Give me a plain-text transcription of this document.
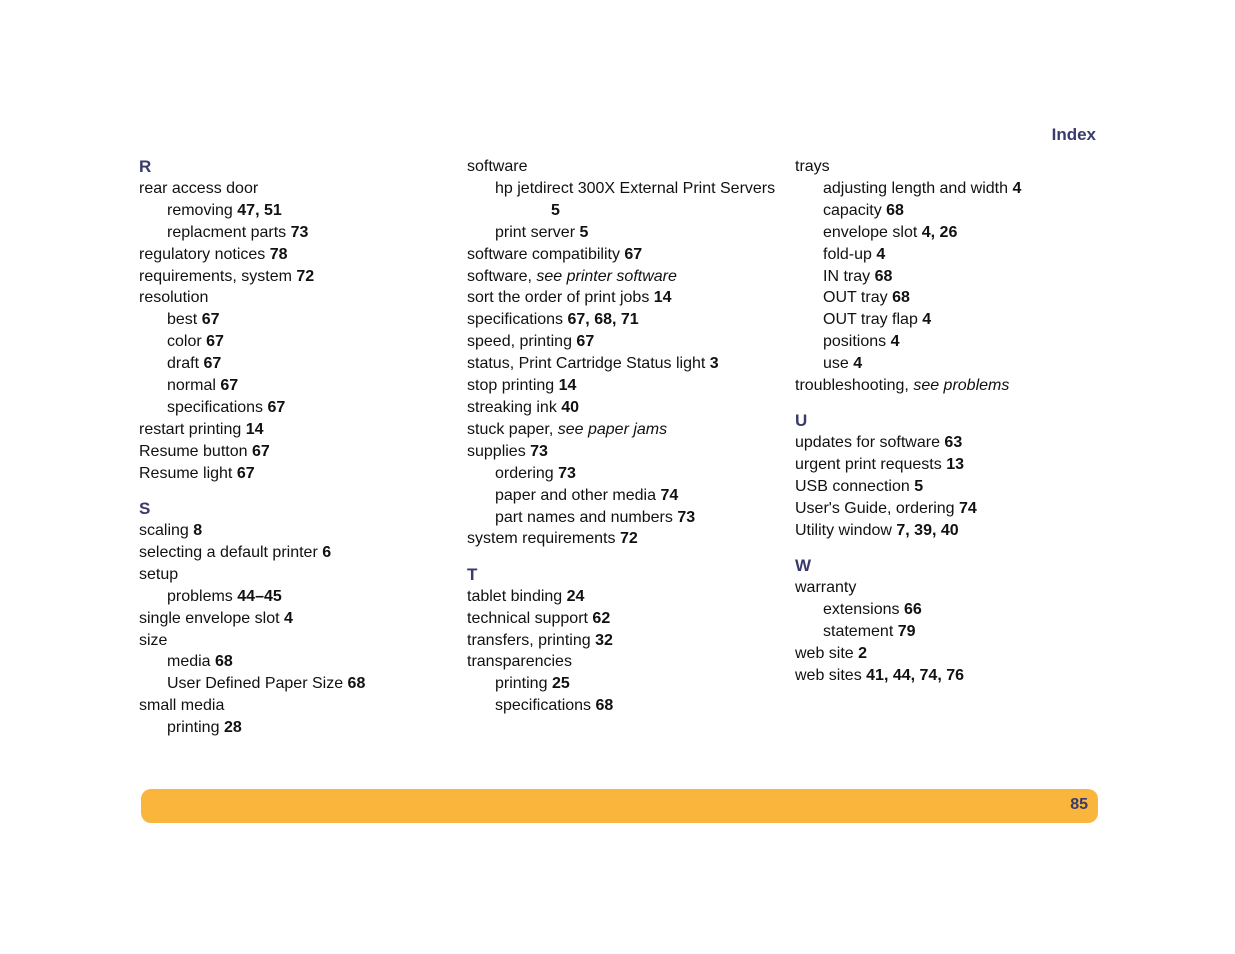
Index
R
rear access door
removing 47, 51
replacment parts 73
regulatory notices 78
requirements, system 72
resolution
best 67
color 67
draft 67
normal 67
specifications 67
restart printing 14
Resume button 67
Resume light 67
S
scaling 8
selecting a default printer 6
setup
problems 44–45
single envelope slot 4
size
media 68
User Defined Paper Size 68
small media
printing 28
software
hp jetdirect 300X External Print Servers
5
print server 5
software compatibility 67
software, see printer software
sort the order of print jobs 14
specifications 67, 68, 71
speed, printing 67
status, Print Cartridge Status light 3
stop printing 14
streaking ink 40
stuck paper, see paper jams
supplies 73
ordering 73
paper and other media 74
part names and numbers 73
system requirements 72
T
tablet binding 24
technical support 62
transfers, printing 32
transparencies
printing 25
specifications 68
trays
adjusting length and width 4
capacity 68
envelope slot 4, 26
fold-up 4
IN tray 68
OUT tray 68
OUT tray flap 4
positions 4
use 4
troubleshooting, see problems
U
updates for software 63
urgent print requests 13
USB connection 5
User's Guide, ordering 74
Utility window 7, 39, 40
W
warranty
extensions 66
statement 79
web site 2
web sites 41, 44, 74, 76
85
